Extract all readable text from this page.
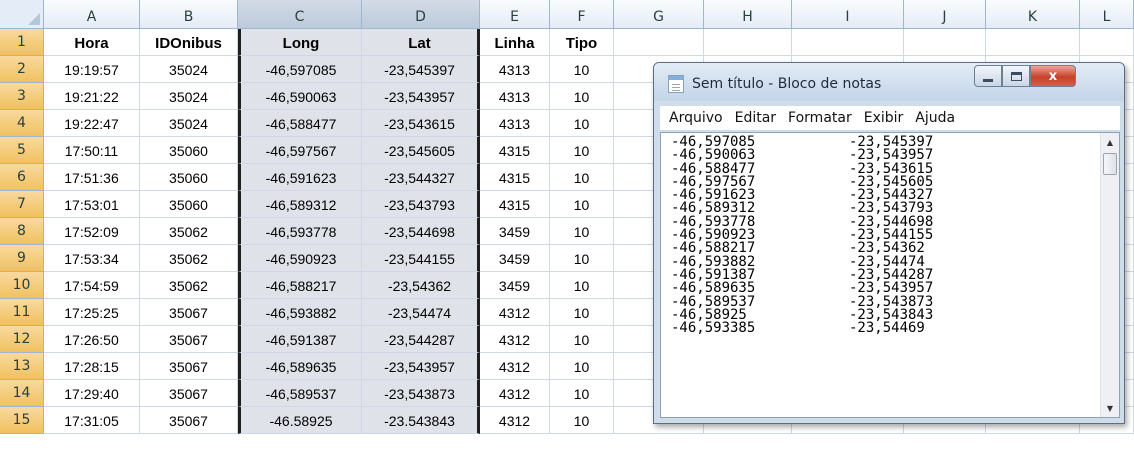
A	B	C	D	E	F	G	H	I	J	K	L
1	Hora	IDOnibus	Long	Lat	Linha	Tipo
2	19:19:57	35024	-46,597085	-23,545397	4313	10
3	19:21:22	35024	-46,590063	-23,543957	4313	10
4	19:22:47	35024	-46,588477	-23,543615	4313	10
5	17:50:11	35060	-46,597567	-23,545605	4315	10
6	17:51:36	35060	-46,591623	-23,544327	4315	10
7	17:53:01	35060	-46,589312	-23,543793	4315	10
8	17:52:09	35062	-46,593778	-23,544698	3459	10
9	17:53:34	35062	-46,590923	-23,544155	3459	10
10	17:54:59	35062	-46,588217	-23,54362	3459	10
11	17:25:25	35067	-46,593882	-23,54474	4312	10
12	17:26:50	35067	-46,591387	-23,544287	4312	10
13	17:28:15	35067	-46,589635	-23,543957	4312	10
14	17:29:40	35067	-46,589537	-23,543873	4312	10
15	17:31:05	35067	-46.58925	-23.543843	4312	10
Sem título - Bloco de notas	x
Arquivo Editar Formatar Exibir Ajuda
-46,597085	-23,545397
-46,590063	-23,543957
-46,588477	-23,543615
-46,597567	-23,545605
-46,591623	-23,544327
-46,589312	-23,543793
-46,593778	-23,544698
-46,590923	-23,544155
-46,588217	-23,54362
-46,593882	-23,54474
-46,591387	-23,544287
-46,589635	-23,543957
-46,589537	-23,543873
-46,58925	-23,543843
-46,593385	-23,54469
▲
▼
